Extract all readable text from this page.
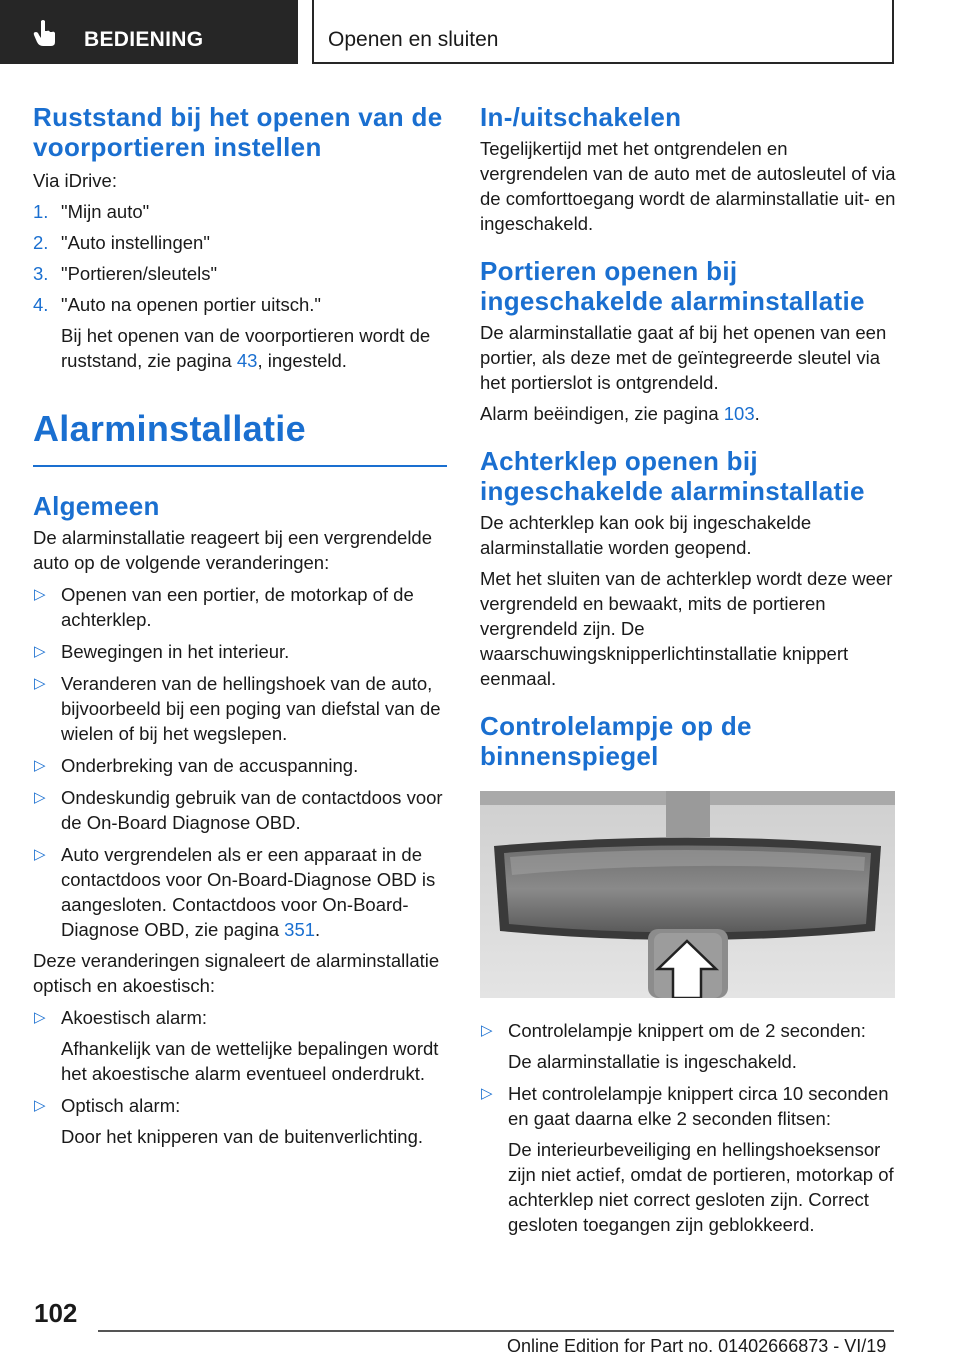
BEDIENING	Openen en sluiten
Ruststand bij het openen van de voorportieren instellen

Via iDrive:

1. "Mijn auto"
2. "Auto instellingen"
3. "Portieren/sleutels"
4. "Auto na openen portier uitsch."

Bij het openen van de voorportieren wordt de ruststand, zie pagina 43, ingesteld.

Alarminstallatie
Algemeen

De alarminstallatie reageert bij een vergrendelde auto op de volgende veranderingen:

▷ Openen van een portier, de motorkap of de achterklep.
▷ Bewegingen in het interieur.
▷ Veranderen van de hellingshoek van de auto, bijvoorbeeld bij een poging van diefstal van de wielen of bij het wegslepen.
▷ Onderbreking van de accuspanning.
▷ Ondeskundig gebruik van de contactdoos voor de On-Board Diagnose OBD.
▷ Auto vergrendelen als er een apparaat in de contactdoos voor On-Board-Diagnose OBD is aangesloten. Contactdoos voor On-Board-Diagnose OBD, zie pagina 351.

Deze veranderingen signaleert de alarminstallatie optisch en akoestisch:

▷ Akoestisch alarm:

Afhankelijk van de wettelijke bepalingen wordt het akoestische alarm eventueel onderdrukt.

▷ Optisch alarm:

Door het knipperen van de buitenverlichting.

In-/uitschakelen

Tegelijkertijd met het ontgrendelen en vergrendelen van de auto met de autosleutel of via de comforttoegang wordt de alarminstallatie uit- en ingeschakeld.

Portieren openen bij ingeschakelde alarminstallatie

De alarminstallatie gaat af bij het openen van een portier, als deze met de geïntegreerde sleutel via het portierslot is ontgrendeld.

Alarm beëindigen, zie pagina 103.

Achterklep openen bij ingeschakelde alarminstallatie

De achterklep kan ook bij ingeschakelde alarminstallatie worden geopend.

Met het sluiten van de achterklep wordt deze weer vergrendeld en bewaakt, mits de portieren vergrendeld zijn. De waarschuwingsknipperlichtinstallatie knippert eenmaal.

Controlelampje op de binnenspiegel
▷ Controlelampje knippert om de 2 seconden:

De alarminstallatie is ingeschakeld.

▷ Het controlelampje knippert circa 10 seconden en gaat daarna elke 2 seconden flitsen:

De interieurbeveiliging en hellingshoeksensor zijn niet actief, omdat de portieren, motorkap of achterklep niet correct gesloten zijn. Correct gesloten toegangen zijn geblokkeerd.

102
Online Edition for Part no. 01402666873 - VI/19
